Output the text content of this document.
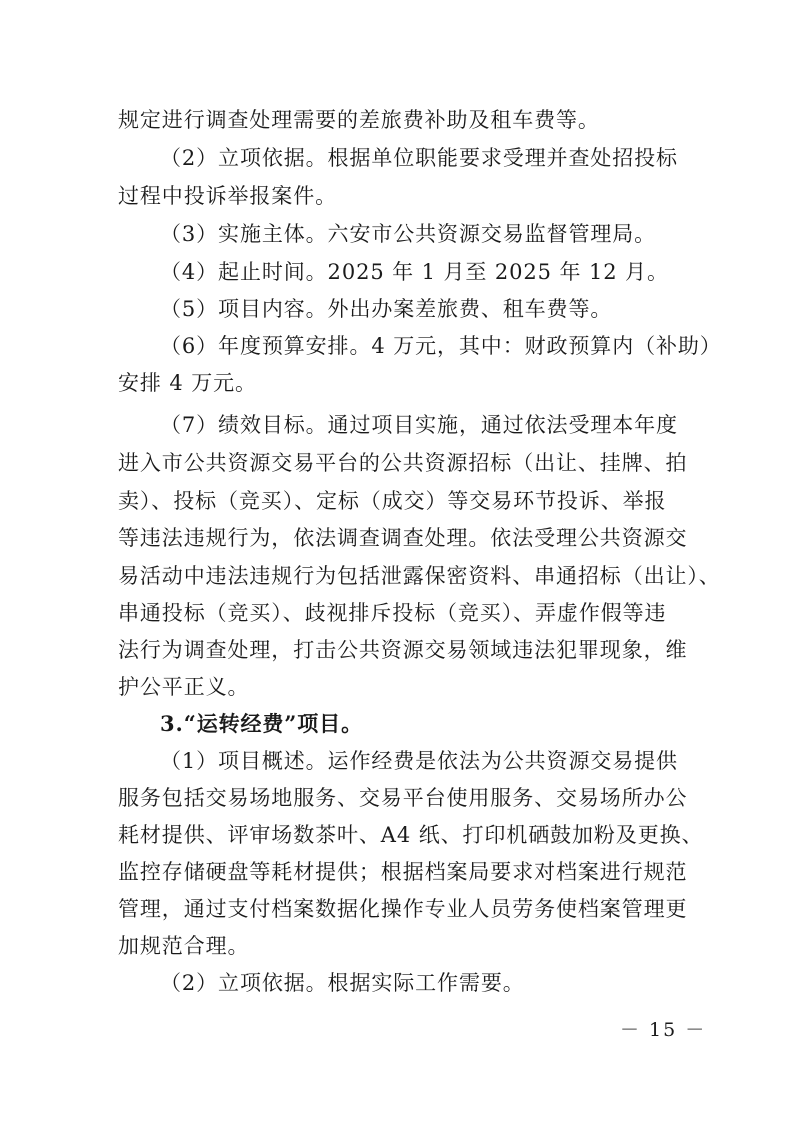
规定进行调查处理需要的差旅费补助及租车费等。
（2）立项依据。根据单位职能要求受理并查处招投标
过程中投诉举报案件。
（3）实施主体。六安市公共资源交易监督管理局。
（4）起止时间。2025 年 1 月至 2025 年 12 月。
（5）项目内容。外出办案差旅费、租车费等。
（6）年度预算安排。4 万元，其中：财政预算内（补助）
安排 4 万元。
（7）绩效目标。通过项目实施，通过依法受理本年度
进入市公共资源交易平台的公共资源招标（出让、挂牌、拍
卖）、投标（竞买）、定标（成交）等交易环节投诉、举报
等违法违规行为，依法调查调查处理。依法受理公共资源交
易活动中违法违规行为包括泄露保密资料、串通招标（出让）、
串通投标（竞买）、歧视排斥投标（竞买）、弄虚作假等违
法行为调查处理，打击公共资源交易领域违法犯罪现象，维
护公平正义。
3.“运转经费”项目。
（1）项目概述。运作经费是依法为公共资源交易提供
服务包括交易场地服务、交易平台使用服务、交易场所办公
耗材提供、评审场数茶叶、A4 纸、打印机硒鼓加粉及更换、
监控存储硬盘等耗材提供；根据档案局要求对档案进行规范
管理，通过支付档案数据化操作专业人员劳务使档案管理更
加规范合理。
（2）立项依据。根据实际工作需要。
－ 15 －
